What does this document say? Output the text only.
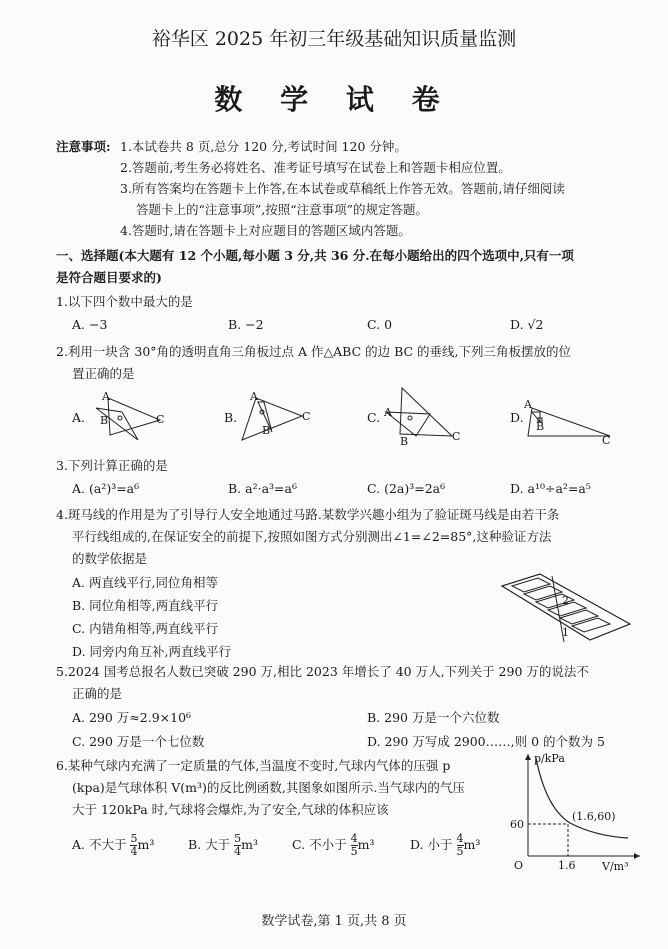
裕华区 2025 年初三年级基础知识质量监测
数 学 试 卷
注意事项: 1.本试卷共 8 页,总分 120 分,考试时间 120 分钟。
2.答题前,考生务必将姓名、准考证号填写在试卷上和答题卡相应位置。
3.所有答案均在答题卡上作答,在本试卷或草稿纸上作答无效。答题前,请仔细阅读
答题卡上的“注意事项”,按照“注意事项”的规定答题。
4.答题时,请在答题卡上对应题目的答题区域内答题。
一、选择题(本大题有 12 个小题,每小题 3 分,共 36 分.在每小题给出的四个选项中,只有一项
是符合题目要求的)
1.以下四个数中最大的是
A. −3	B. −2	C. 0	D. √2
2.利用一块含 30°角的透明直角三角板过点 A 作△ABC 的边 BC 的垂线,下列三角板摆放的位
置正确的是
A.
A
B	C	B.
A
B
C	C. A
B	C
D.
A
B
C
3.下列计算正确的是
A. (a²)³=a⁶	B. a²·a³=a⁶	C. (2a)³=2a⁶	D. a¹⁰÷a²=a⁵
4.斑马线的作用是为了引导行人安全地通过马路.某数学兴趣小组为了验证斑马线是由若干条
平行线组成的,在保证安全的前提下,按照如图方式分别测出∠1=∠2=85°,这种验证方法
的数学依据是
A. 两直线平行,同位角相等
B. 同位角相等,两直线平行
C. 内错角相等,两直线平行
D. 同旁内角互补,两直线平行
2
1
5.2024 国考总报名人数已突破 290 万,相比 2023 年增长了 40 万人,下列关于 290 万的说法不
正确的是
A. 290 万≈2.9×10⁶	B. 290 万是一个六位数
C. 290 万是一个七位数	D. 290 万写成 2900……,则 0 的个数为 5
6.某种气球内充满了一定质量的气体,当温度不变时,气球内气体的压强 p
(kpa)是气球体积 V(m³)的反比例函数,其图象如图所示.当气球内的气压
大于 120kPa 时,气球将会爆炸,为了安全,气球的体积应该
A. 不大于 $\frac{5}{4} m^3$	B. 大于 $\frac{5}{4} m^3$	C. 不小于 $\frac{4}{5} m^3$	D. 小于 $\frac{4}{5} m^3$
p/kPa
V/m³
O
(1.6,60)
1.6
60
数学试卷,第 1 页,共 8 页
